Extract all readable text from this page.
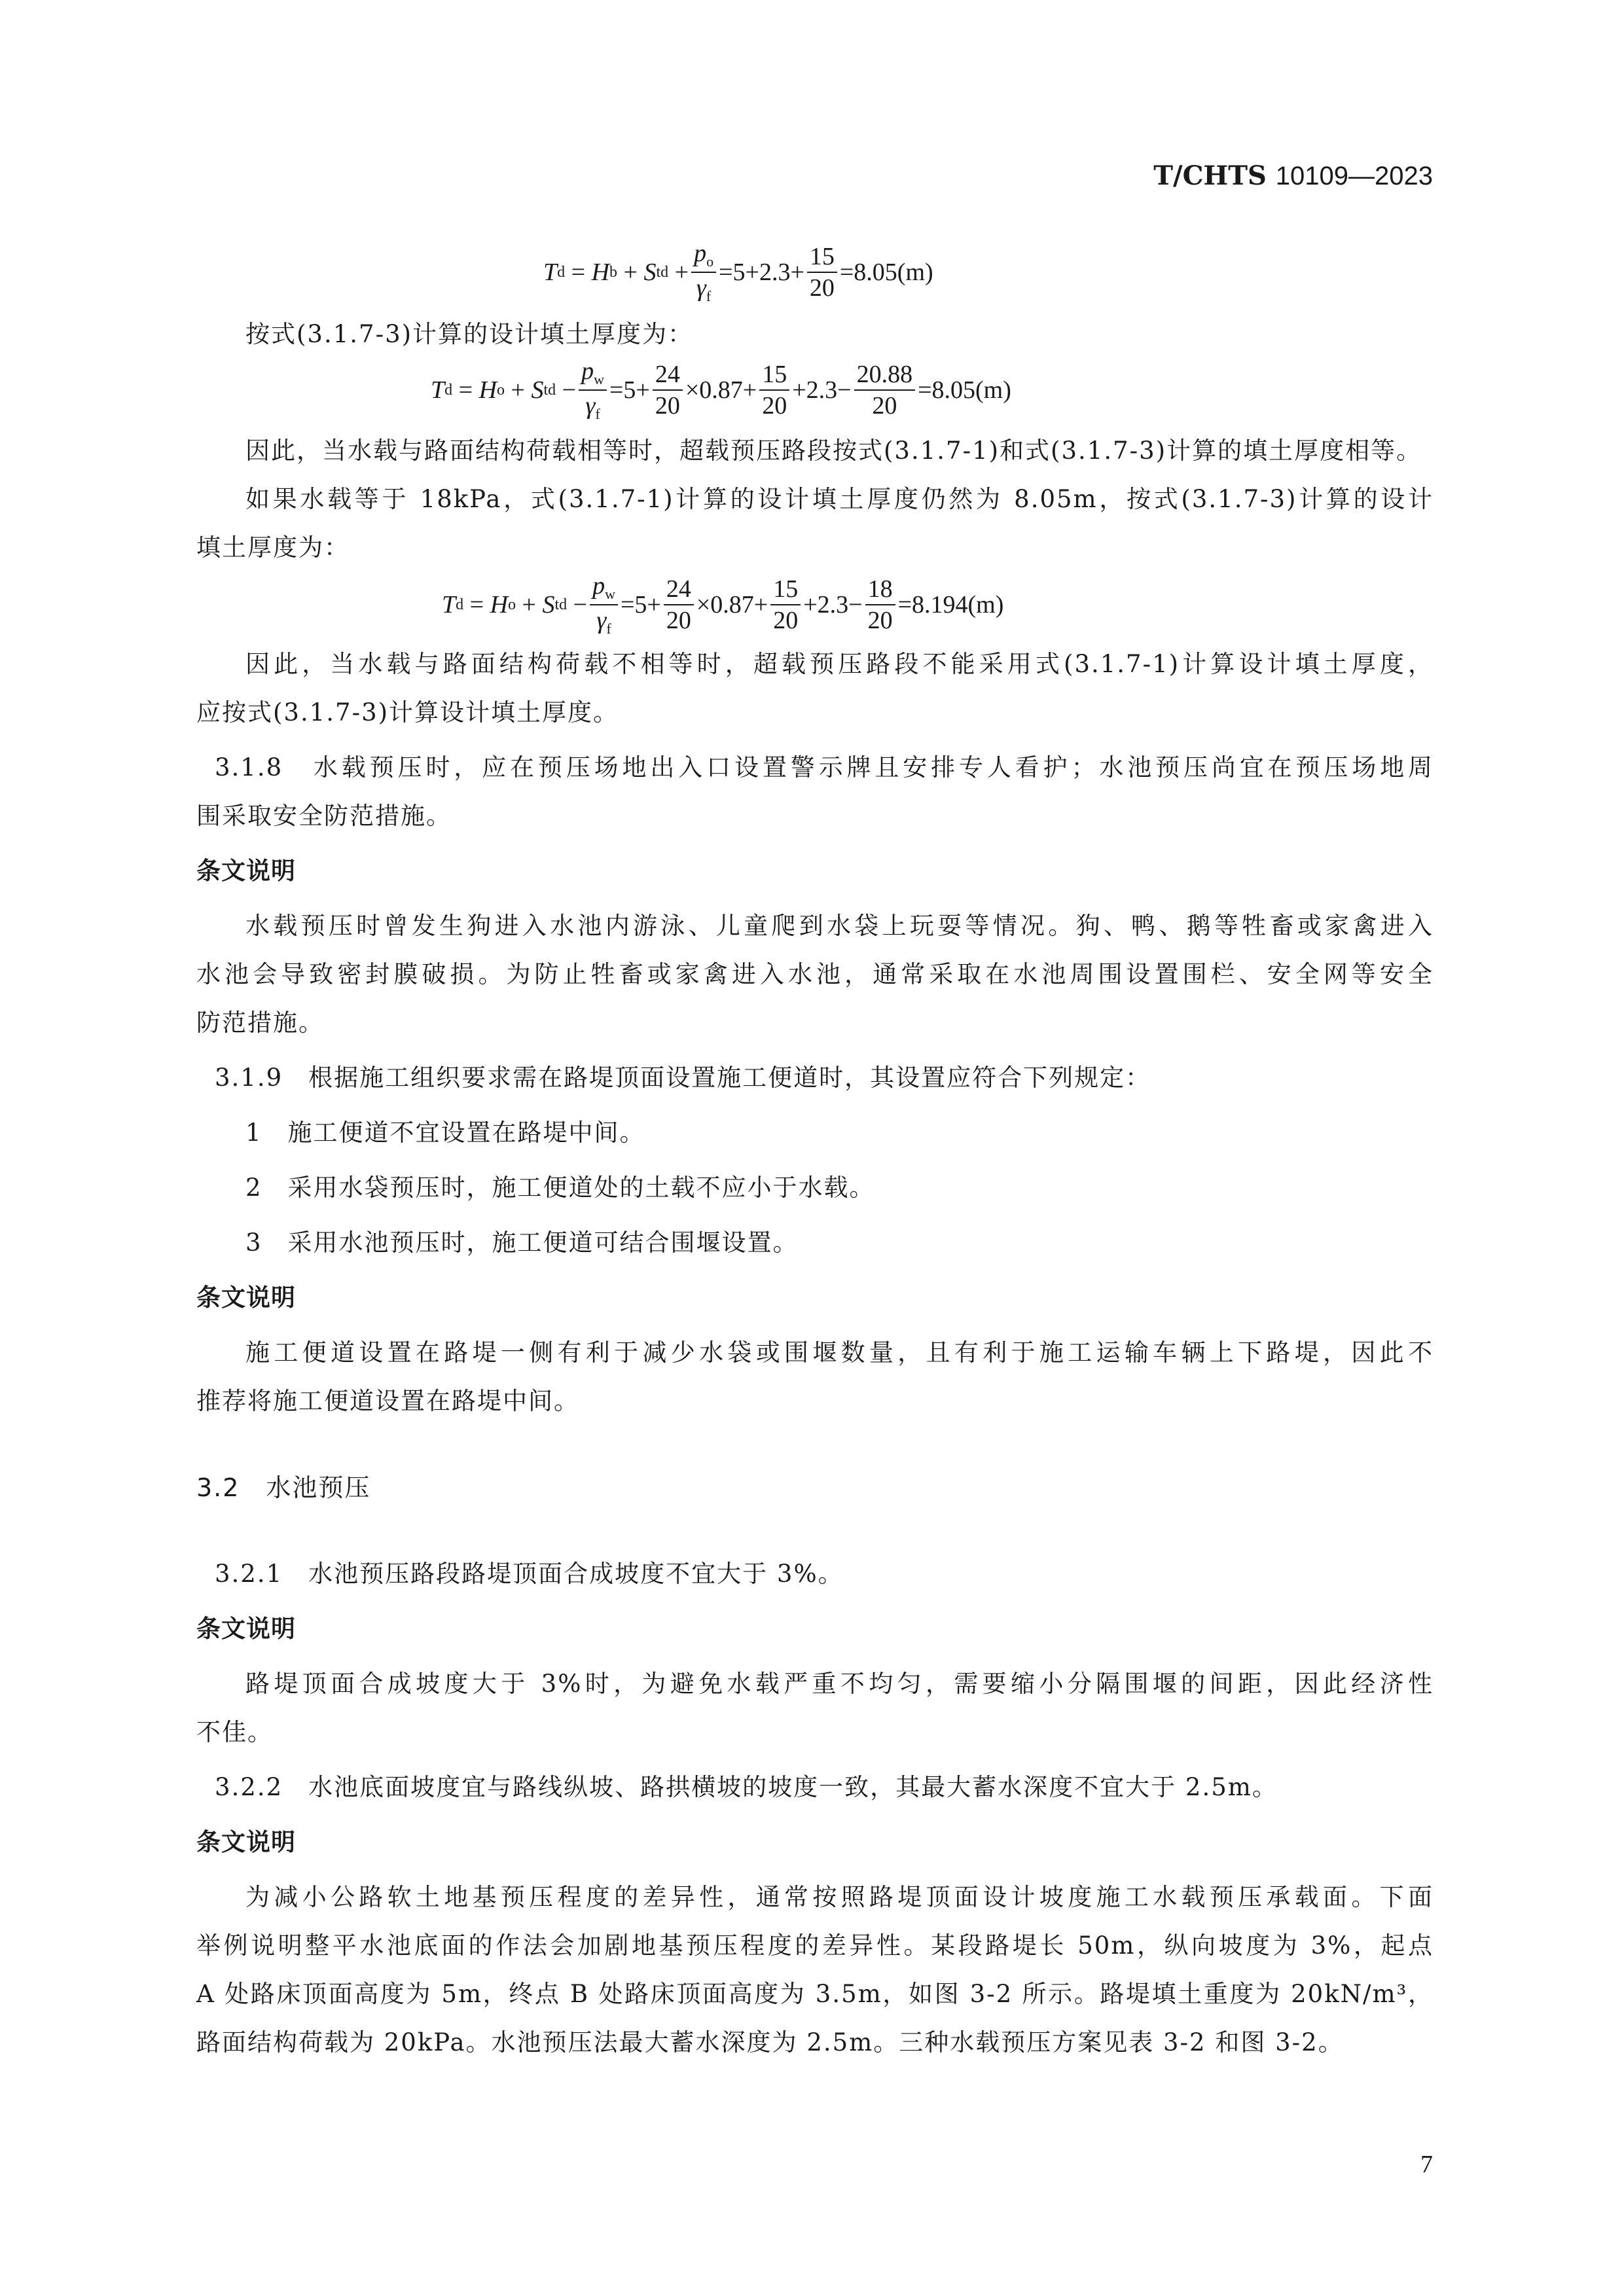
T/CHTS 10109—2023
T d = H b + S td + $\frac{p_o}{\gamma_f} =5+2.3+ \frac{15}{20} =8.05(m)$
按式(3.1.7-3)计算的设计填土厚度为：
T d = H o + S td − $\frac{p_w}{\gamma_f} =5+ \frac{24}{20} \times 0.87+ \frac{15}{20} +2.3- \frac{20.88}{20} =8.05(m)$
因此，当水载与路面结构荷载相等时，超载预压路段按式(3.1.7-1)和式(3.1.7-3)计算的填土厚度相等。
如果水载等于 18kPa，式(3.1.7-1)计算的设计填土厚度仍然为 8.05m，按式(3.1.7-3)计算的设计
填土厚度为：
T d = H o + S td − $\frac{p_w}{\gamma_f} =5+ \frac{24}{20} \times 0.87+ \frac{15}{20} +2.3- \frac{18}{20} =8.194(m)$
因此，当水载与路面结构荷载不相等时，超载预压路段不能采用式(3.1.7-1)计算设计填土厚度，
应按式(3.1.7-3)计算设计填土厚度。
3.1.8　水载预压时，应在预压场地出入口设置警示牌且安排专人看护；水池预压尚宜在预压场地周
围采取安全防范措施。
条文说明
水载预压时曾发生狗进入水池内游泳、儿童爬到水袋上玩耍等情况。狗、鸭、鹅等牲畜或家禽进入
水池会导致密封膜破损。为防止牲畜或家禽进入水池，通常采取在水池周围设置围栏、安全网等安全
防范措施。
3.1.9　根据施工组织要求需在路堤顶面设置施工便道时，其设置应符合下列规定：
1　施工便道不宜设置在路堤中间。
2　采用水袋预压时，施工便道处的土载不应小于水载。
3　采用水池预压时，施工便道可结合围堰设置。
条文说明
施工便道设置在路堤一侧有利于减少水袋或围堰数量，且有利于施工运输车辆上下路堤，因此不
推荐将施工便道设置在路堤中间。
3.2　水池预压
3.2.1　水池预压路段路堤顶面合成坡度不宜大于 3%。
条文说明
路堤顶面合成坡度大于 3%时，为避免水载严重不均匀，需要缩小分隔围堰的间距，因此经济性
不佳。
3.2.2　水池底面坡度宜与路线纵坡、路拱横坡的坡度一致，其最大蓄水深度不宜大于 2.5m。
条文说明
为减小公路软土地基预压程度的差异性，通常按照路堤顶面设计坡度施工水载预压承载面。下面
举例说明整平水池底面的作法会加剧地基预压程度的差异性。某段路堤长 50m，纵向坡度为 3%，起点
A 处路床顶面高度为 5m，终点 B 处路床顶面高度为 3.5m，如图 3-2 所示。路堤填土重度为 20kN/m³，
路面结构荷载为 20kPa。水池预压法最大蓄水深度为 2.5m。三种水载预压方案见表 3-2 和图 3-2。
7
